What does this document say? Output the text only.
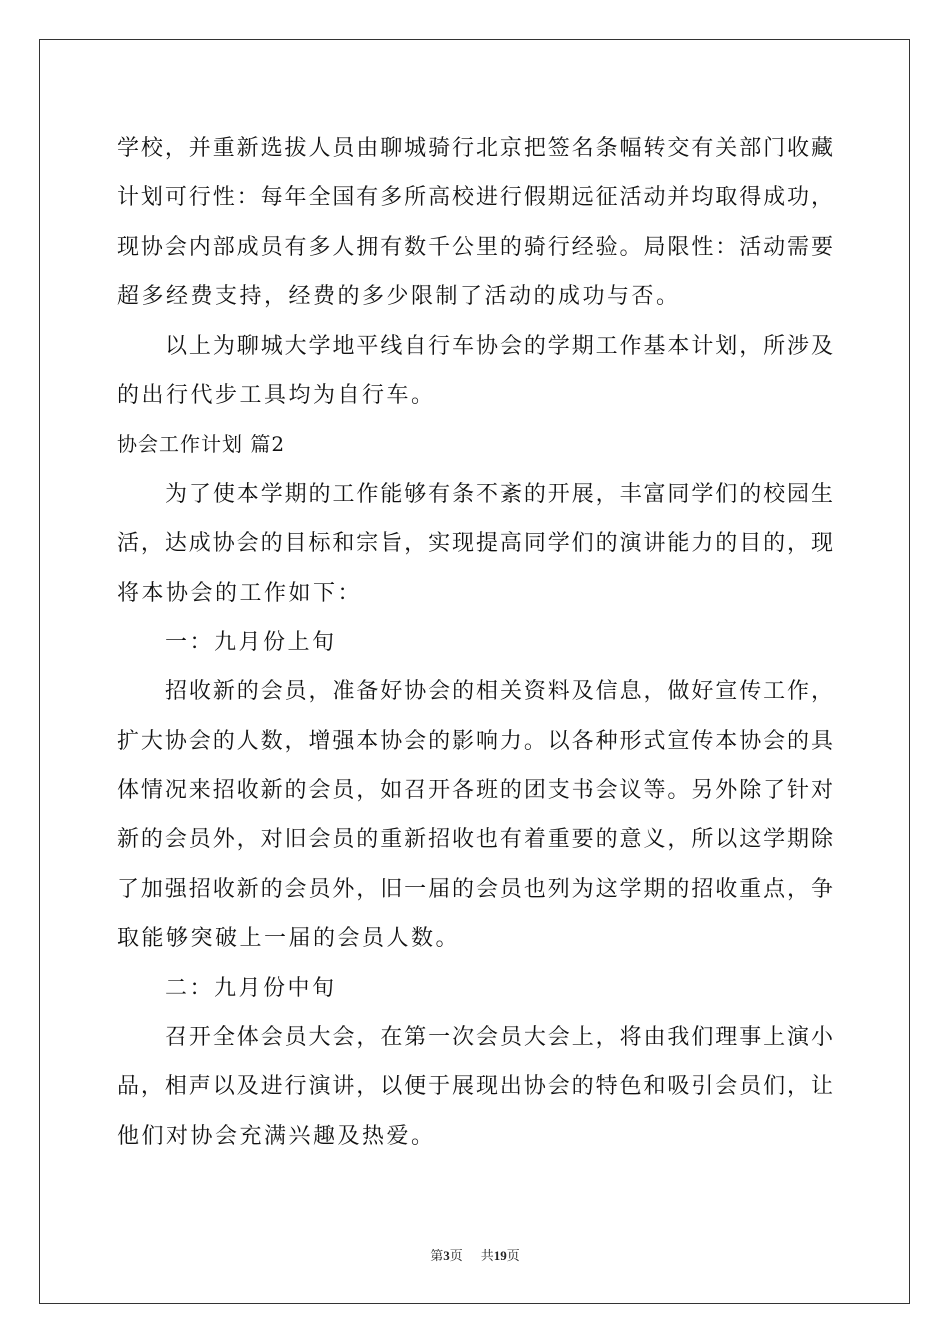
学校，并重新选拔人员由聊城骑行北京把签名条幅转交有关部门收藏
计划可行性：每年全国有多所高校进行假期远征活动并均取得成功，
现协会内部成员有多人拥有数千公里的骑行经验。局限性：活动需要
超多经费支持，经费的多少限制了活动的成功与否。
以上为聊城大学地平线自行车协会的学期工作基本计划，所涉及
的出行代步工具均为自行车。
协会工作计划 篇2
为了使本学期的工作能够有条不紊的开展，丰富同学们的校园生
活，达成协会的目标和宗旨，实现提高同学们的演讲能力的目的，现
将本协会的工作如下：
一：九月份上旬
招收新的会员，准备好协会的相关资料及信息，做好宣传工作，
扩大协会的人数，增强本协会的影响力。以各种形式宣传本协会的具
体情况来招收新的会员，如召开各班的团支书会议等。另外除了针对
新的会员外，对旧会员的重新招收也有着重要的意义，所以这学期除
了加强招收新的会员外，旧一届的会员也列为这学期的招收重点，争
取能够突破上一届的会员人数。
二：九月份中旬
召开全体会员大会，在第一次会员大会上，将由我们理事上演小
品，相声以及进行演讲，以便于展现出协会的特色和吸引会员们，让
他们对协会充满兴趣及热爱。
第3页 共19页
